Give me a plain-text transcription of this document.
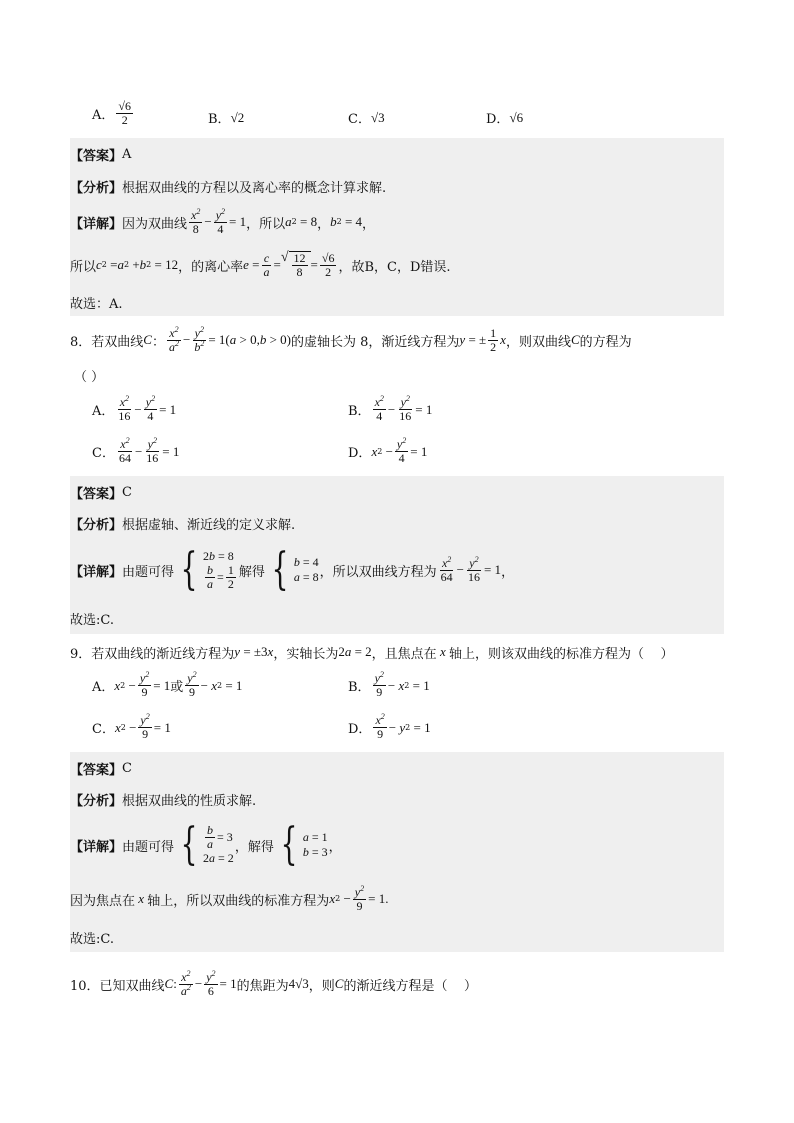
A． $\frac{√6}{2}$	B． √2	C． √3	D． √6
【答案】 A
【分析】 根据双曲线的方程以及离心率的概念计算求解.
【详解】 因为双曲线 $\frac{x^2}{8} - \frac{y^2}{4} = 1$ ，所以 a 2 = 8 ， b 2 = 4 ，
所以 c 2 = a 2 + b 2 = 12 ，的离心率 $e = \frac{c}{a}$ = √ $\frac{12}{8} = \frac{√6}{2}$ ，故B，C，D错误.
故选：A.
8．若双曲线 C ： $\frac{x^2}{a^2} - \frac{y^2}{b^2} = 1$( a > 0, b > 0) 的虚轴长为 8，渐近线方程为 y = ± $\frac{1}{2}$ x ，则双曲线 C 的方程为
（ ）
A． $\frac{x^2}{16} - \frac{y^2}{4} = 1$	B． $\frac{x^2}{4} - \frac{y^2}{16} = 1$
C． $\frac{x^2}{64} - \frac{y^2}{16} = 1$	D． x $2 - \frac{y^2}{4} = 1$
【答案】 C
【分析】 根据虚轴、渐近线的定义求解.
【详解】 由题可得 { 2b = 8
$\frac{b}{a} = \frac{1}{2}$ 解得 { b = 4
a = 8 ，所以双曲线方程为 $\frac{x^2}{64} - \frac{y^2}{16} = 1$ ，
故选:C.
9．若双曲线的渐近线方程为 y = ±3 x ，实轴长为 2 a = 2 ，且焦点在 x 轴上，则该双曲线的标准方程为（    ）
A． x $2 - \frac{y^2}{9} = 1$ 或 $\frac{y^2}{9} - x$ 2 = 1	B． $\frac{y^2}{9} - x$ 2 = 1
C． x $2 - \frac{y^2}{9} = 1$	D． $\frac{x^2}{9} - y$ 2 = 1
【答案】 C
【分析】 根据双曲线的性质求解.
【详解】 由题可得 { $\frac{b}{a} = 3$
2a = 2
，解得 { a = 1
b = 3 ，
因为焦点在 x 轴上，所以双曲线的标准方程为 x $2 - \frac{y^2}{9} = 1$.
故选:C.
10．已知双曲线 C : $\frac{x^2}{a^2} - \frac{y^2}{6} = 1$ 的焦距为 4√3 ，则 C 的渐近线方程是（    ）
